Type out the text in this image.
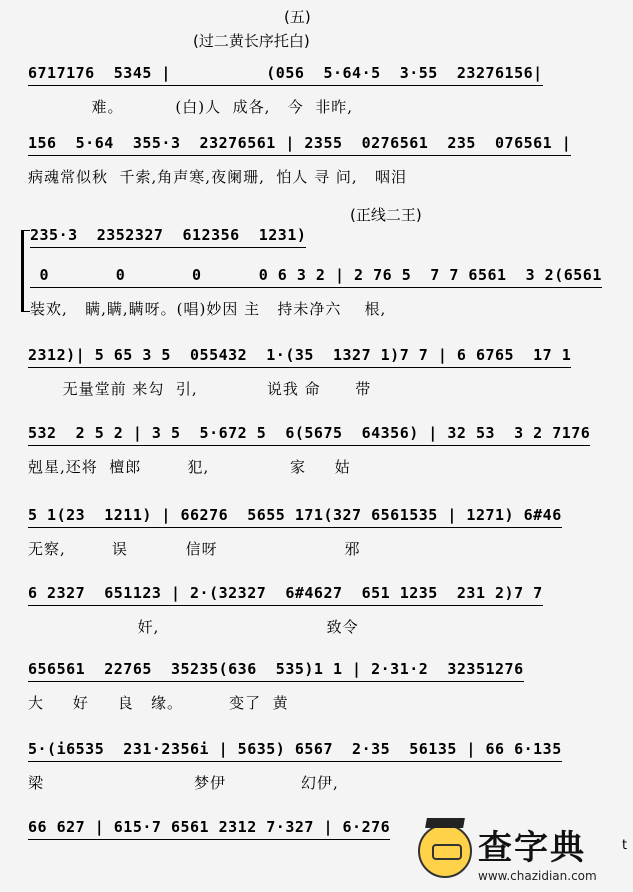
(五)
(过二黄长序托白)
6717176  5345 |          (056  5·64·5  3·55  23276156|
难。         (白)人  成各,   今  非昨,
156  5·64  355·3  23276561 | 2355  0276561  235  076561 |
病魂常似秋  千索,角声寒,夜阑珊,  怕人 寻 问,   咽泪
(正线二王)
235·3  2352327  612356  1231)
0       0       0      0 6 3 2 | 2 76 5  7 7 6561  3 2(6561
装欢,   瞒,瞒,瞒呀。(唱)妙因 主   持未净六    根,
2312)| 5 65 3 5  055432  1·(35  1327 1)7 7 | 6 6765  17 1
无量堂前 来勾  引,            说我 命      带
532  2 5 2 | 3 5  5·672 5  6(5675  64356) | 32 53  3 2 7176
剋星,还将  檀郎        犯,              家     姑
5 1(23  1211) | 66276  5655 171(327 6561535 | 1271) 6#46
无察,        误          信呀                      邪
6 2327  651123 | 2·(32327  6#4627  651 1235  231 2)7 7
奸,                             致令
656561  22765  35235(636  535)1 1 | 2·31·2  32351276
大     好     良   缘。        变了  黄
5·(i6535  231·2356i | 5635) 6567  2·35  56135 | 66 6·135
梁                          梦伊             幻伊,
66 627 | 615·7 6561 2312 7·327 | 6·276
查字典
www.chazidian.com
t
